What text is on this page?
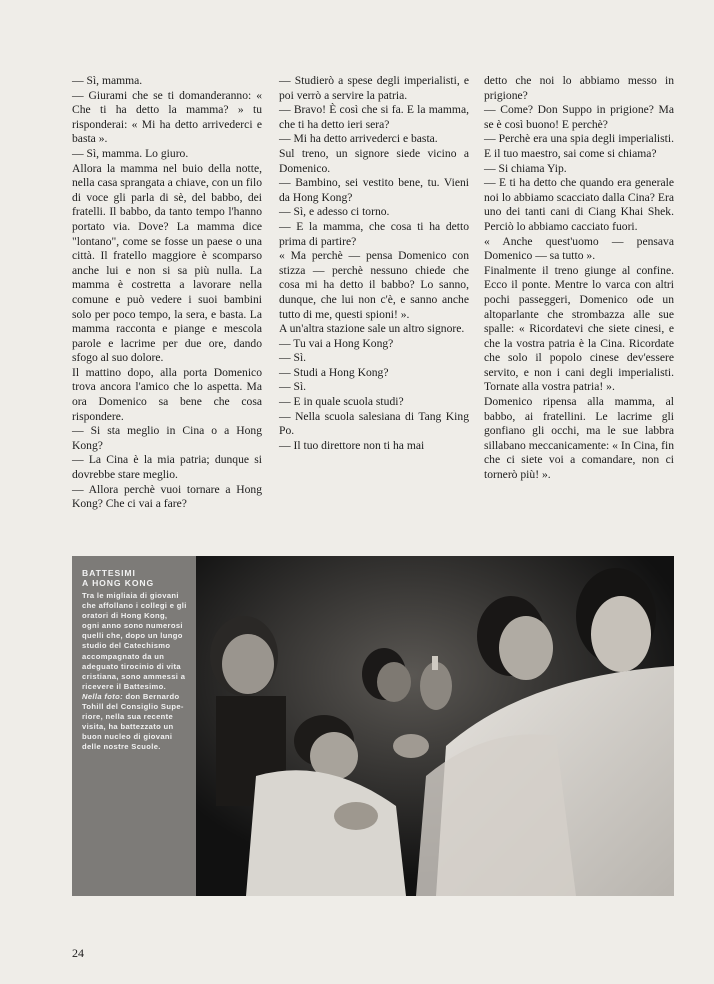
— Sì, mamma.

— Giurami che se ti domanderanno: « Che ti ha detto la mamma? » tu risponderai: « Mi ha detto arrivederci e basta ».

— Sì, mamma. Lo giuro.

Allora la mamma nel buio della notte, nella casa sprangata a chiave, con un filo di voce gli parla di sè, del babbo, dei fratelli. Il babbo, da tanto tempo l'hanno portato via. Dove? La mamma dice "lontano", come se fosse un paese o una città. Il fratello maggiore è scomparso anche lui e non si sa più nulla. La mamma è costretta a lavorare nella comune e può vedere i suoi bambini solo per poco tempo, la sera, e basta. La mamma racconta e piange e mescola parole e lacrime per due ore, dando sfogo al suo dolore.

Il mattino dopo, alla porta Domenico trova ancora l'amico che lo aspetta. Ma ora Domenico sa bene che cosa rispondere.

— Si sta meglio in Cina o a Hong Kong?

— La Cina è la mia patria; dunque si dovrebbe stare meglio.

— Allora perchè vuoi tornare a Hong Kong? Che ci vai a fare?

— Studierò a spese degli imperialisti, e poi verrò a servire la patria.

— Bravo! È così che si fa. E la mamma, che ti ha detto ieri sera?

— Mi ha detto arrivederci e basta.

Sul treno, un signore siede vicino a Domenico.

— Bambino, sei vestito bene, tu. Vieni da Hong Kong?

— Sì, e adesso ci torno.

— E la mamma, che cosa ti ha detto prima di partire?

« Ma perchè — pensa Domenico con stizza — perchè nessuno chiede che cosa mi ha detto il babbo? Lo sanno, dunque, che lui non c'è, e sanno anche tutto di me, questi spioni! ».

A un'altra stazione sale un altro signore.

— Tu vai a Hong Kong?

— Sì.

— Studi a Hong Kong?

— Sì.

— E in quale scuola studi?

— Nella scuola salesiana di Tang King Po.

— Il tuo direttore non ti ha mai

detto che noi lo abbiamo messo in prigione?

— Come? Don Suppo in prigione? Ma se è così buono! E perchè?

— Perchè era una spia degli imperialisti. E il tuo maestro, sai come si chiama?

— Si chiama Yip.

— E ti ha detto che quando era generale noi lo abbiamo scacciato dalla Cina? Era uno dei tanti cani di Ciang Khai Shek. Perciò lo abbiamo cacciato fuori.

« Anche quest'uomo — pensava Domenico — sa tutto ».

Finalmente il treno giunge al confine. Ecco il ponte. Mentre lo varca con altri pochi passeggeri, Domenico ode un altoparlante che strombazza alle sue spalle: « Ricordatevi che siete cinesi, e che la vostra patria è la Cina. Ricordate che solo il popolo cinese dev'essere servito, e non i cani degli imperialisti. Tornate alla vostra patria! ».

Domenico ripensa alla mamma, al babbo, ai fratellini. Le lacrime gli gonfiano gli occhi, ma le sue labbra sillabano meccanicamente: « In Cina, fin che ci siete voi a comandare, non ci tornerò più! ».

BATTESIMI
A HONG KONG
Tra le migliaia di giovani che affollano i collegi e gli oratori di Hong Kong, ogni anno sono numerosi quelli che, dopo un lungo studio del Catechismo accompagnato da un adeguato tirocinio di vita cristiana, sono ammessi a ricevere il Battesimo. Nella foto: don Bernardo Tohill del Consiglio Superiore, nella sua recente visita, ha battezzato un buon nucleo di giovani delle nostre Scuole.
24
